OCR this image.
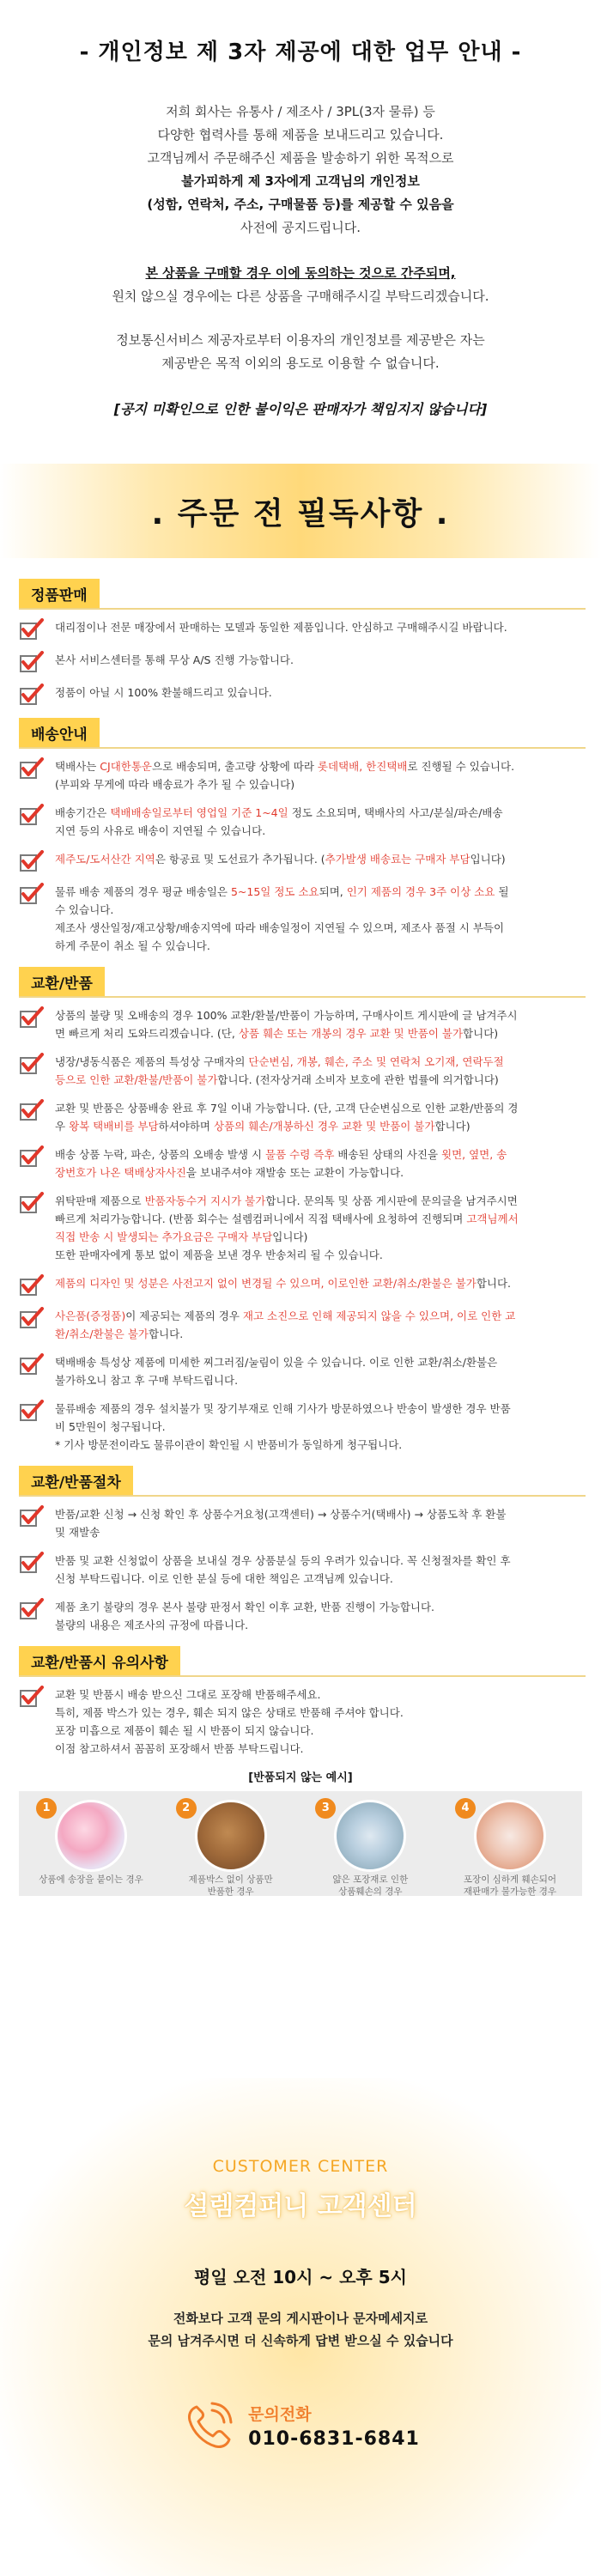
- 개인정보 제 3자 제공에 대한 업무 안내 -

저희 회사는 유통사 / 제조사 / 3PL(3자 물류) 등

다양한 협력사를 통해 제품을 보내드리고 있습니다.

고객님께서 주문해주신 제품을 발송하기 위한 목적으로

불가피하게 제 3자에게 고객님의 개인정보

(성함, 연락처, 주소, 구매물품 등)를 제공할 수 있음을

사전에 공지드립니다.

본 상품을 구매할 경우 이에 동의하는 것으로 간주되며,

원치 않으실 경우에는 다른 상품을 구매해주시길 부탁드리겠습니다.

정보통신서비스 제공자로부터 이용자의 개인정보를 제공받은 자는

제공받은 목적 이외의 용도로 이용할 수 없습니다.

[공지 미확인으로 인한 불이익은 판매자가 책임지지 않습니다]

. 주문 전 필독사항 .
정품판매
대리점이나 전문 매장에서 판매하는 모델과 동일한 제품입니다. 안심하고 구매해주시길 바랍니다.
본사 서비스센터를 통해 무상 A/S 진행 가능합니다.
정품이 아닐 시 100% 환불해드리고 있습니다.
배송안내
택배사는 CJ대한통운으로 배송되며, 출고량 상황에 따라 롯데택배, 한진택배로 진행될 수 있습니다.
(부피와 무게에 따라 배송료가 추가 될 수 있습니다)
배송기간은 택배배송일로부터 영업일 기준 1~4일 정도 소요되며, 택배사의 사고/분실/파손/배송
지연 등의 사유로 배송이 지연될 수 있습니다.
제주도/도서산간 지역은 항공료 및 도선료가 추가됩니다. (추가발생 배송료는 구매자 부담입니다)
물류 배송 제품의 경우 평균 배송일은 5~15일 정도 소요되며, 인기 제품의 경우 3주 이상 소요 될
수 있습니다.
제조사 생산일정/재고상황/배송지역에 따라 배송일정이 지연될 수 있으며, 제조사 품절 시 부득이
하게 주문이 취소 될 수 있습니다.
교환/반품
상품의 불량 및 오배송의 경우 100% 교환/환불/반품이 가능하며, 구매사이트 게시판에 글 남겨주시
면 빠르게 처리 도와드리겠습니다. (단, 상품 훼손 또는 개봉의 경우 교환 및 반품이 불가합니다)
냉장/냉동식품은 제품의 특성상 구매자의 단순변심, 개봉, 훼손, 주소 및 연락처 오기재, 연락두절
등으로 인한 교환/환불/반품이 불가합니다. (전자상거래 소비자 보호에 관한 법률에 의거합니다)
교환 및 반품은 상품배송 완료 후 7일 이내 가능합니다. (단, 고객 단순변심으로 인한 교환/반품의 경
우 왕복 택배비를 부담하셔야하며 상품의 훼손/개봉하신 경우 교환 및 반품이 불가합니다)
배송 상품 누락, 파손, 상품의 오배송 발생 시 물품 수령 즉후 배송된 상태의 사진을 윗면, 옆면, 송
장번호가 나온 택배상자사진을 보내주셔야 재발송 또는 교환이 가능합니다.
위탁판매 제품으로 반품자동수거 지시가 불가합니다. 문의톡 및 상품 게시판에 문의글을 남겨주시면
빠르게 처리가능합니다. (반품 회수는 설렘컴퍼니에서 직접 택배사에 요청하여 진행되며 고객님께서
직접 반송 시 발생되는 추가요금은 구매자 부담입니다)
또한 판매자에게 통보 없이 제품을 보낸 경우 반송처리 될 수 있습니다.
제품의 디자인 및 성분은 사전고지 없이 변경될 수 있으며, 이로인한 교환/취소/환불은 불가합니다.
사은품(증정품)이 제공되는 제품의 경우 재고 소진으로 인해 제공되지 않을 수 있으며, 이로 인한 교
환/취소/환불은 불가합니다.
택배배송 특성상 제품에 미세한 찌그러짐/눌림이 있을 수 있습니다. 이로 인한 교환/취소/환불은
불가하오니 참고 후 구매 부탁드립니다.
물류배송 제품의 경우 설치불가 및 장기부재로 인해 기사가 방문하였으나 반송이 발생한 경우 반품
비 5만원이 청구됩니다.
* 기사 방문전이라도 물류이관이 확인될 시 반품비가 동일하게 청구됩니다.
교환/반품절차
반품/교환 신청 → 신청 확인 후 상품수거요청(고객센터) → 상품수거(택배사) → 상품도착 후 환불
및 재발송
반품 및 교환 신청없이 상품을 보내실 경우 상품분실 등의 우려가 있습니다. 꼭 신청절차를 확인 후
신청 부탁드립니다. 이로 인한 분실 등에 대한 책임은 고객님께 있습니다.
제품 초기 불량의 경우 본사 불량 판정서 확인 이후 교환, 반품 진행이 가능합니다.
불량의 내용은 제조사의 규정에 따릅니다.
교환/반품시 유의사항
교환 및 반품시 배송 받으신 그대로 포장해 반품해주세요.
특히, 제품 박스가 있는 경우, 훼손 되지 않은 상태로 반품해 주셔야 합니다.
포장 미흡으로 제품이 훼손 될 시 반품이 되지 않습니다.
이점 참고하셔서 꼼꼼히 포장해서 반품 부탁드립니다.
[반품되지 않는 예시]
1
상품에 송장을 붙이는 경우
2
제품박스 없이 상품만
반품한 경우
3
얇은 포장재로 인한
상품훼손의 경우
4
포장이 심하게 훼손되어
재판매가 불가능한 경우
CUSTOMER CENTER
설렘컴퍼니 고객센터
평일 오전 10시 ~ 오후 5시
전화보다 고객 문의 게시판이나 문자메세지로
문의 남겨주시면 더 신속하게 답변 받으실 수 있습니다
문의전화
010-6831-6841
